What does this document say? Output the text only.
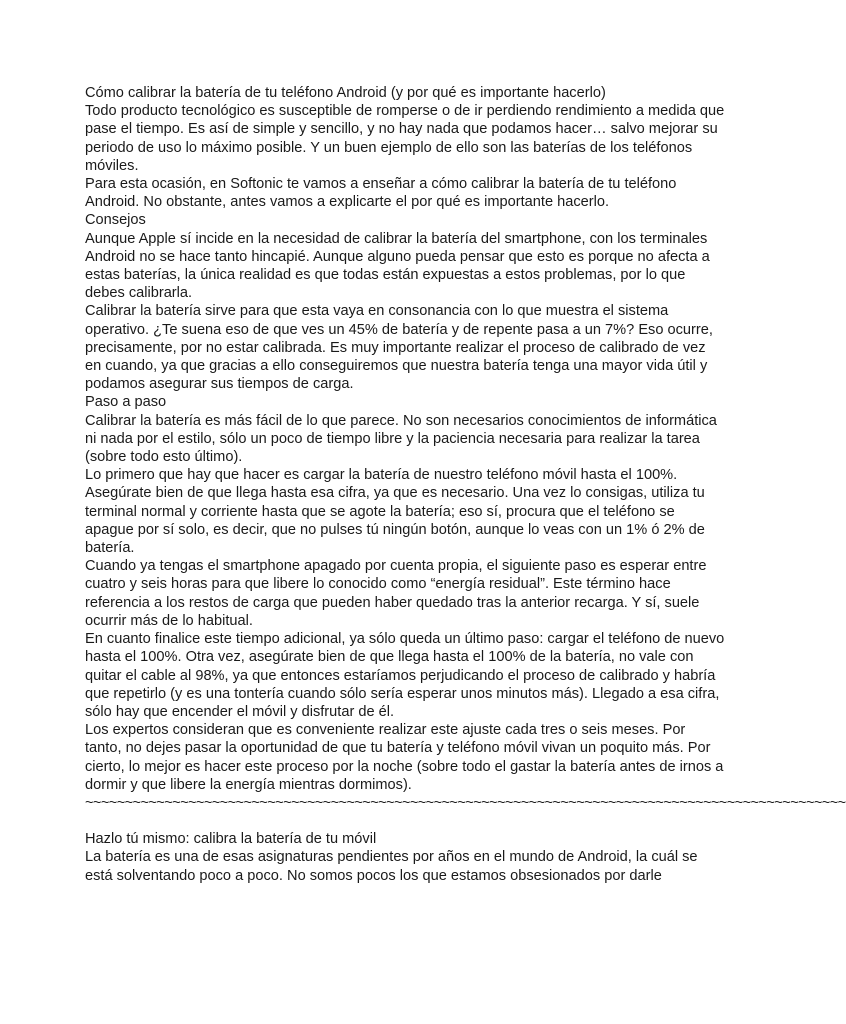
Cómo calibrar la batería de tu teléfono Android (y por qué es importante hacerlo)

Todo producto tecnológico es susceptible de romperse o de ir perdiendo rendimiento a medida que pase el tiempo. Es así de simple y sencillo, y no hay nada que podamos hacer… salvo mejorar su periodo de uso lo máximo posible. Y un buen ejemplo de ello son las baterías de los teléfonos móviles.

Para esta ocasión, en Softonic te vamos a enseñar a cómo calibrar la batería de tu teléfono Android. No obstante, antes vamos a explicarte el por qué es importante hacerlo.

Consejos

Aunque Apple sí incide en la necesidad de calibrar la batería del smartphone, con los terminales Android no se hace tanto hincapié. Aunque alguno pueda pensar que esto es porque no afecta a estas baterías, la única realidad es que todas están expuestas a estos problemas, por lo que debes calibrarla.

Calibrar la batería sirve para que esta vaya en consonancia con lo que muestra el sistema operativo. ¿Te suena eso de que ves un 45% de batería y de repente pasa a un 7%? Eso ocurre, precisamente, por no estar calibrada. Es muy importante realizar el proceso de calibrado de vez en cuando, ya que gracias a ello conseguiremos que nuestra batería tenga una mayor vida útil y podamos asegurar sus tiempos de carga.

Paso a paso

Calibrar la batería es más fácil de lo que parece. No son necesarios conocimientos de informática ni nada por el estilo, sólo un poco de tiempo libre y la paciencia necesaria para realizar la tarea (sobre todo esto último).

Lo primero que hay que hacer es cargar la batería de nuestro teléfono móvil hasta el 100%. Asegúrate bien de que llega hasta esa cifra, ya que es necesario. Una vez lo consigas, utiliza tu terminal normal y corriente hasta que se agote la batería; eso sí, procura que el teléfono se apague por sí solo, es decir, que no pulses tú ningún botón, aunque lo veas con un 1% ó 2% de batería.

Cuando ya tengas el smartphone apagado por cuenta propia, el siguiente paso es esperar entre cuatro y seis horas para que libere lo conocido como “energía residual”. Este término hace referencia a los restos de carga que pueden haber quedado tras la anterior recarga. Y sí, suele ocurrir más de lo habitual.

En cuanto finalice este tiempo adicional, ya sólo queda un último paso: cargar el teléfono de nuevo hasta el 100%. Otra vez, asegúrate bien de que llega hasta el 100% de la batería, no vale con quitar el cable al 98%, ya que entonces estaríamos perjudicando el proceso de calibrado y habría que repetirlo (y es una tontería cuando sólo sería esperar unos minutos más). Llegado a esa cifra, sólo hay que encender el móvil y disfrutar de él.

Los expertos consideran que es conveniente realizar este ajuste cada tres o seis meses. Por tanto, no dejes pasar la oportunidad de que tu batería y teléfono móvil vivan un poquito más. Por cierto, lo mejor es hacer este proceso por la noche (sobre todo el gastar la batería antes de irnos a dormir y que libere la energía mientras dormimos).

~~~~~~~~~~~~~~~~~~~~~~~~~~~~~~~~~~~~~~~~~~~~~~~~~~~~~~~~~~~~~~~~~~~~~~~~~~~~~~~~~~~~~~~~~~~~~~~~

Hazlo tú mismo: calibra la batería de tu móvil

La batería es una de esas asignaturas pendientes por años en el mundo de Android, la cuál se está solventando poco a poco. No somos pocos los que estamos obsesionados por darle
